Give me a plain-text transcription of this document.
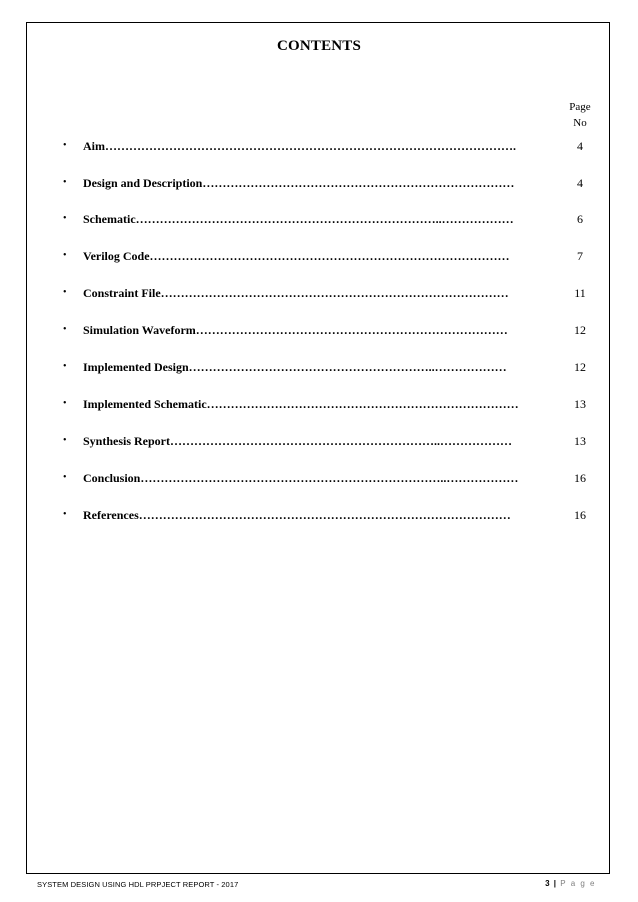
CONTENTS
Page
No
• Aim………………………………………………………………………………………….	4
• Design and Description……………………………………………………………………	4
• Schematic…………………………………………………………………..………………	6
• Verilog Code………………………………………………………………………………	7
• Constraint File……………………………………………………………………………	11
• Simulation Waveform……………………………………………………………………	12
• Implemented Design……………………………………………………..………………	12
• Implemented Schematic……………………………………………………………………	13
• Synthesis Report…………………………………………………………..………………	13
• Conclusion…………………………………………………………………..………………	16
• References…………………………………………………………………………………	16
SYSTEM DESIGN USING HDL PRPJECT REPORT - 2017	3 | P a g e
